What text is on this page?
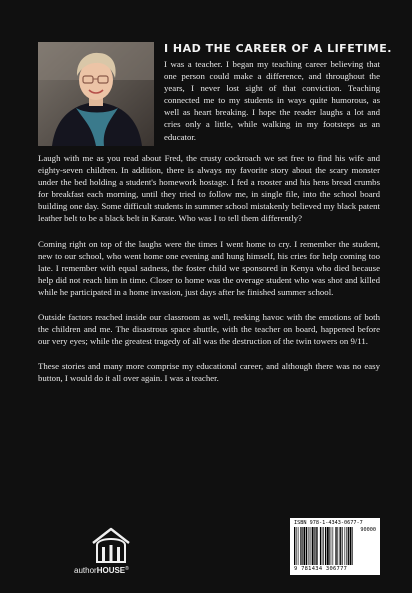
I HAD THE CAREER OF A LIFETIME.
I was a teacher. I began my teaching career believing that one person could make a difference, and throughout the years, I never lost sight of that conviction. Teaching connected me to my students in ways quite humorous, as well as heart breaking. I hope the reader laughs a lot and cries only a little, while walking in my footsteps as an educator.

Laugh with me as you read about Fred, the crusty cockroach we set free to find his wife and eighty-seven children. In addition, there is always my favorite story about the scary monster under the bed holding a student's homework hostage. I fed a rooster and his hens bread crumbs for breakfast each morning, until they tried to follow me, in single file, into the school board building one day. Some difficult students in summer school mistakenly believed my black patent leather belt to be a black belt in Karate. Who was I to tell them differently?

Coming right on top of the laughs were the times I went home to cry. I remember the student, new to our school, who went home one evening and hung himself, his cries for help coming too late. I remember with equal sadness, the foster child we sponsored in Kenya who died because help did not reach him in time. Closer to home was the overage student who was shot and killed while he participated in a home invasion, just days after he finished summer school.

Outside factors reached inside our classroom as well, reeking havoc with the emotions of both the children and me. The disastrous space shuttle, with the teacher on board, happened before our very eyes; while the greatest tragedy of all was the destruction of the twin towers on 9/11.

These stories and many more comprise my educational career, and although there was no easy button, I would do it all over again. I was a teacher.

authorHOUSE®
ISBN 978-1-4343-0677-7
90000
9 781434 306777
